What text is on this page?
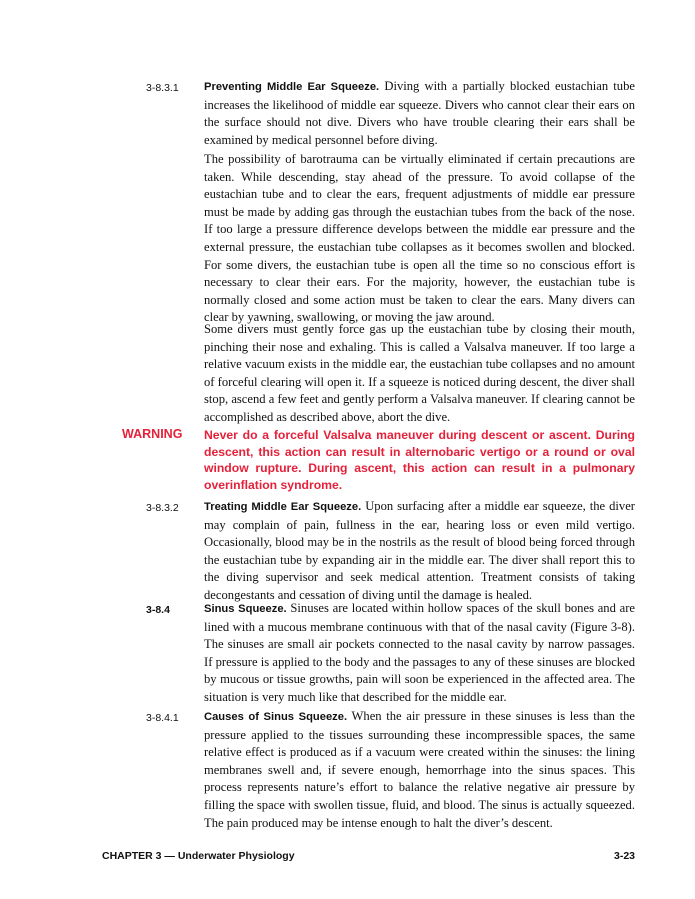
3-8.3.1	Preventing Middle Ear Squeeze. Diving with a partially blocked eustachian tube increases the likelihood of middle ear squeeze. Divers who cannot clear their ears on the surface should not dive. Divers who have trouble clearing their ears shall be examined by medical personnel before diving.

The possibility of barotrauma can be virtually eliminated if certain precautions are taken. While descending, stay ahead of the pressure. To avoid collapse of the eustachian tube and to clear the ears, frequent adjustments of middle ear pressure must be made by adding gas through the eustachian tubes from the back of the nose. If too large a pressure difference develops between the middle ear pressure and the external pressure, the eustachian tube collapses as it becomes swollen and blocked. For some divers, the eustachian tube is open all the time so no conscious effort is necessary to clear their ears. For the majority, however, the eustachian tube is normally closed and some action must be taken to clear the ears. Many divers can clear by yawning, swallowing, or moving the jaw around.

Some divers must gently force gas up the eustachian tube by closing their mouth, pinching their nose and exhaling. This is called a Valsalva maneuver. If too large a relative vacuum exists in the middle ear, the eustachian tube collapses and no amount of forceful clearing will open it. If a squeeze is noticed during descent, the diver shall stop, ascend a few feet and gently perform a Valsalva maneuver. If clearing cannot be accomplished as described above, abort the dive.

WARNING Never do a forceful Valsalva maneuver during descent or ascent. During descent, this action can result in alternobaric vertigo or a round or oval window rupture. During ascent, this action can result in a pulmonary overinflation syndrome.
3-8.3.2	Treating Middle Ear Squeeze. Upon surfacing after a middle ear squeeze, the diver may complain of pain, fullness in the ear, hearing loss or even mild vertigo. Occasionally, blood may be in the nostrils as the result of blood being forced through the eustachian tube by expanding air in the middle ear. The diver shall report this to the diving supervisor and seek medical attention. Treatment consists of taking decongestants and cessation of diving until the damage is healed.

3-8.4	Sinus Squeeze. Sinuses are located within hollow spaces of the skull bones and are lined with a mucous membrane continuous with that of the nasal cavity (Figure 3-8). The sinuses are small air pockets connected to the nasal cavity by narrow passages. If pressure is applied to the body and the passages to any of these sinuses are blocked by mucous or tissue growths, pain will soon be experienced in the affected area. The situation is very much like that described for the middle ear.

3-8.4.1	Causes of Sinus Squeeze. When the air pressure in these sinuses is less than the pressure applied to the tissues surrounding these incompressible spaces, the same relative effect is produced as if a vacuum were created within the sinuses: the lining membranes swell and, if severe enough, hemorrhage into the sinus spaces. This process represents nature’s effort to balance the relative negative air pressure by filling the space with swollen tissue, fluid, and blood. The sinus is actually squeezed. The pain produced may be intense enough to halt the diver’s descent.

CHAPTER 3 — Underwater Physiology	3-23
